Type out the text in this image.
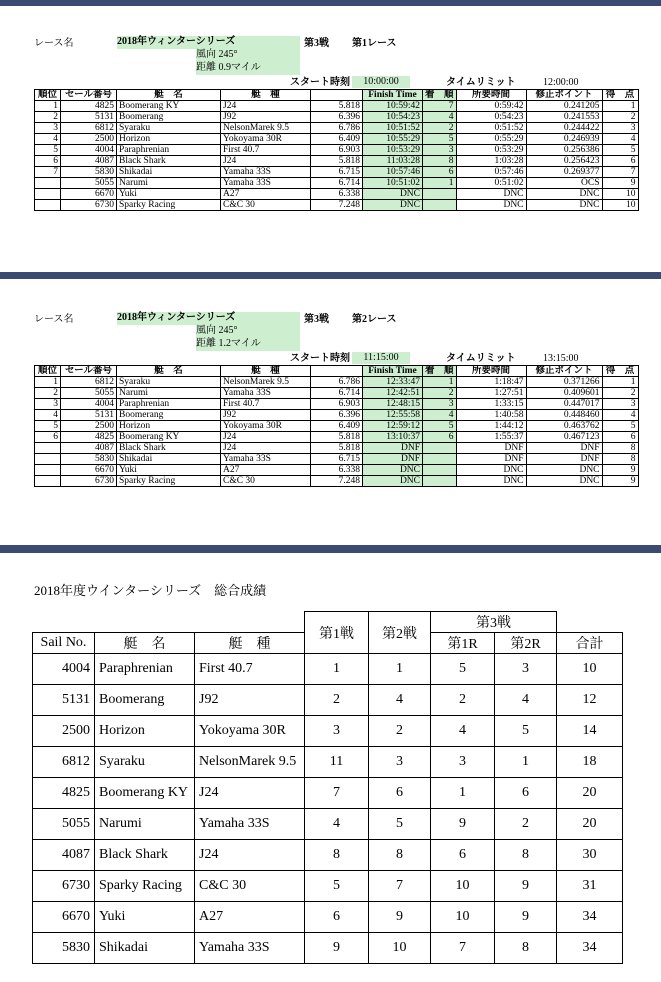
レース名	2018年ウィンターシリーズ	第3戦 第1レース
風向 245°
距離 0.9マイル
スタート時刻	10:00:00	タイムリミット	12:00:00
順位	セール番号	艇　名	艇　種		Finish Time	着　順	所要時間	修正ポイント	得　点
1	4825	Boomerang KY	J24	5.818	10:59:42	7	0:59:42	0.241205	1
2	5131	Boomerang	J92	6.396	10:54:23	4	0:54:23	0.241553	2
3	6812	Syaraku	NelsonMarek 9.5	6.786	10:51:52	2	0:51:52	0.244422	3
4	2500	Horizon	Yokoyama 30R	6.409	10:55:29	5	0:55:29	0.246939	4
5	4004	Paraphrenian	First 40.7	6.903	10:53:29	3	0:53:29	0.256386	5
6	4087	Black Shark	J24	5.818	11:03:28	8	1:03:28	0.256423	6
7	5830	Shikadai	Yamaha 33S	6.715	10:57:46	6	0:57:46	0.269377	7
	5055	Narumi	Yamaha 33S	6.714	10:51:02	1	0:51:02	OCS	9
	6670	Yuki	A27	6.338	DNC		DNC	DNC	10
	6730	Sparky Racing	C&C 30	7.248	DNC		DNC	DNC	10
レース名	2018年ウィンターシリーズ	第3戦 第2レース
風向 245°
距離 1.2マイル
スタート時刻	11:15:00	タイムリミット	13:15:00
順位	セール番号	艇　名	艇　種		Finish Time	着　順	所要時間	修正ポイント	得　点
1	6812	Syaraku	NelsonMarek 9.5	6.786	12:33:47	1	1:18:47	0.371266	1
2	5055	Narumi	Yamaha 33S	6.714	12:42:51	2	1:27:51	0.409601	2
3	4004	Paraphrenian	First 40.7	6.903	12:48:15	3	1:33:15	0.447017	3
4	5131	Boomerang	J92	6.396	12:55:58	4	1:40:58	0.448460	4
5	2500	Horizon	Yokoyama 30R	6.409	12:59:12	5	1:44:12	0.463762	5
6	4825	Boomerang KY	J24	5.818	13:10:37	6	1:55:37	0.467123	6
	4087	Black Shark	J24	5.818	DNF		DNF	DNF	8
	5830	Shikadai	Yamaha 33S	6.715	DNF		DNF	DNF	8
	6670	Yuki	A27	6.338	DNC		DNC	DNC	9
	6730	Sparky Racing	C&C 30	7.248	DNC		DNC	DNC	9
2018年度ウインターシリーズ　総合成績
			第1戦	第2戦	第3戦		
Sail No.	艇　名	艇　種			第1R	第2R	合計
4004	Paraphrenian	First 40.7	1	1	5	3	10
5131	Boomerang	J92	2	4	2	4	12
2500	Horizon	Yokoyama 30R	3	2	4	5	14
6812	Syaraku	NelsonMarek 9.5	11	3	3	1	18
4825	Boomerang KY	J24	7	6	1	6	20
5055	Narumi	Yamaha 33S	4	5	9	2	20
4087	Black Shark	J24	8	8	6	8	30
6730	Sparky Racing	C&C 30	5	7	10	9	31
6670	Yuki	A27	6	9	10	9	34
5830	Shikadai	Yamaha 33S	9	10	7	8	34
